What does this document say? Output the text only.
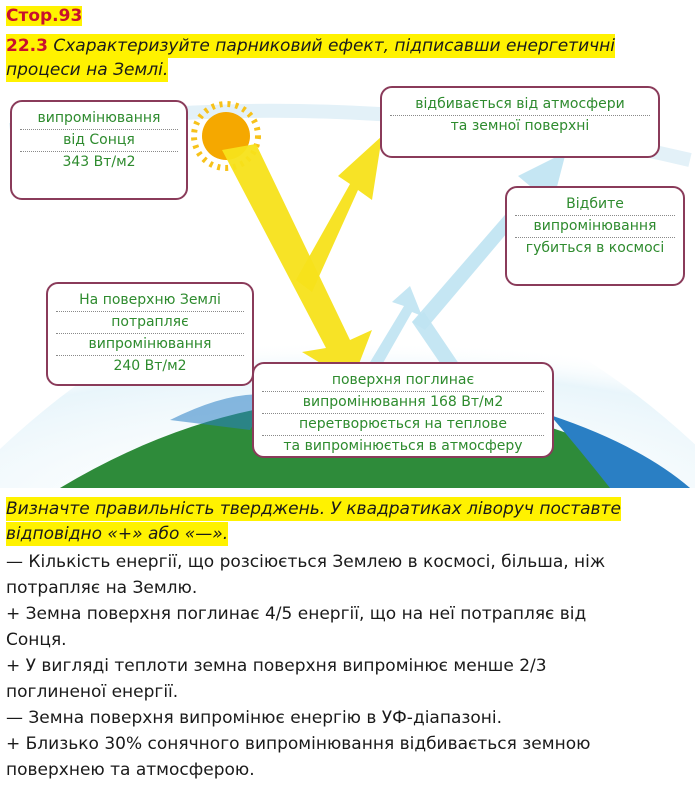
Стор.93
22.3 Схарактеризуйте парниковий ефект, підписавши енергетичні
процеси на Землі.
випромінювання
від Сонця
343 Вт/м2
відбивається від атмосфери
та земної поверхні
Відбите
випромінювання
губиться в космосі
На поверхню Землі
потрапляє
випромінювання
240 Вт/м2
поверхня поглинає
випромінювання 168 Вт/м2
перетворюється на теплове
та випромінюється в атмосферу
Визначте правильність тверджень. У квадратиках ліворуч поставте
відповідно «+» або «—».
— Кількість енергії, що розсіюється Землею в космосі, більша, ніж
потрапляє на Землю.
+ Земна поверхня поглинає 4/5 енергії, що на неї потрапляє від
Сонця.
+ У вигляді теплоти земна поверхня випромінює менше 2/3
поглиненої енергії.
— Земна поверхня випромінює енергію в УФ-діапазоні.
+ Близько 30% сонячного випромінювання відбивається земною
поверхнею та атмосферою.
